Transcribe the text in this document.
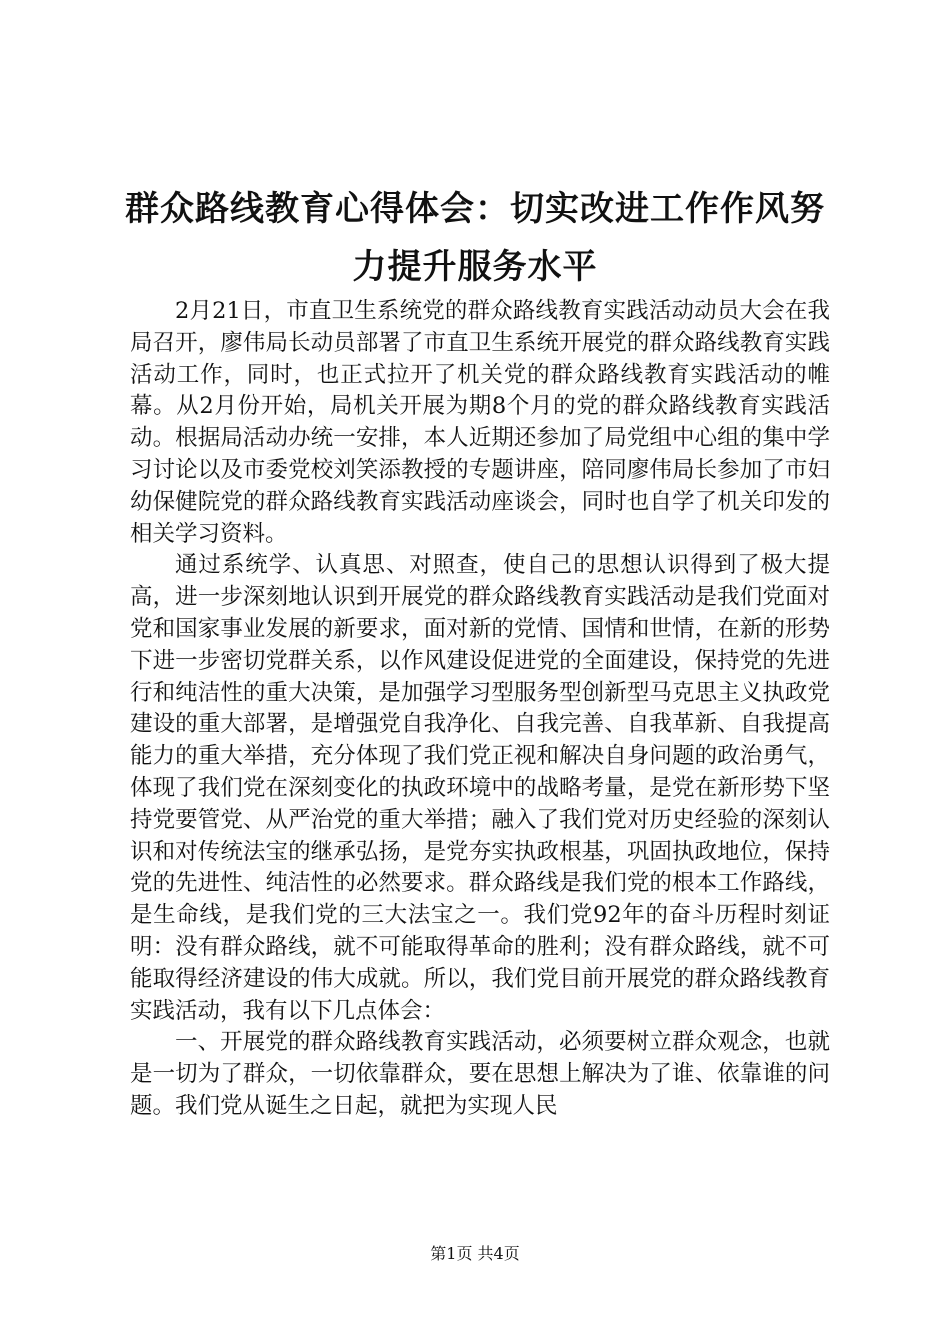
群众路线教育心得体会：切实改进工作作风努力提升服务水平

2月21日，市直卫生系统党的群众路线教育实践活动动员大会在我局召开，廖伟局长动员部署了市直卫生系统开展党的群众路线教育实践活动工作，同时，也正式拉开了机关党的群众路线教育实践活动的帷幕。从2月份开始，局机关开展为期8个月的党的群众路线教育实践活动。根据局活动办统一安排，本人近期还参加了局党组中心组的集中学习讨论以及市委党校刘笑添教授的专题讲座，陪同廖伟局长参加了市妇幼保健院党的群众路线教育实践活动座谈会，同时也自学了机关印发的相关学习资料。

通过系统学、认真思、对照查，使自己的思想认识得到了极大提高，进一步深刻地认识到开展党的群众路线教育实践活动是我们党面对党和国家事业发展的新要求，面对新的党情、国情和世情，在新的形势下进一步密切党群关系，以作风建设促进党的全面建设，保持党的先进行和纯洁性的重大决策，是加强学习型服务型创新型马克思主义执政党建设的重大部署，是增强党自我净化、自我完善、自我革新、自我提高能力的重大举措，充分体现了我们党正视和解决自身问题的政治勇气，体现了我们党在深刻变化的执政环境中的战略考量，是党在新形势下坚持党要管党、从严治党的重大举措；融入了我们党对历史经验的深刻认识和对传统法宝的继承弘扬，是党夯实执政根基，巩固执政地位，保持党的先进性、纯洁性的必然要求。群众路线是我们党的根本工作路线，是生命线，是我们党的三大法宝之一。我们党92年的奋斗历程时刻证明：没有群众路线，就不可能取得革命的胜利；没有群众路线，就不可能取得经济建设的伟大成就。所以，我们党目前开展党的群众路线教育实践活动，我有以下几点体会：

一、开展党的群众路线教育实践活动，必须要树立群众观念，也就是一切为了群众，一切依靠群众，要在思想上解决为了谁、依靠谁的问题。我们党从诞生之日起，就把为实现人民

第1页 共4页
